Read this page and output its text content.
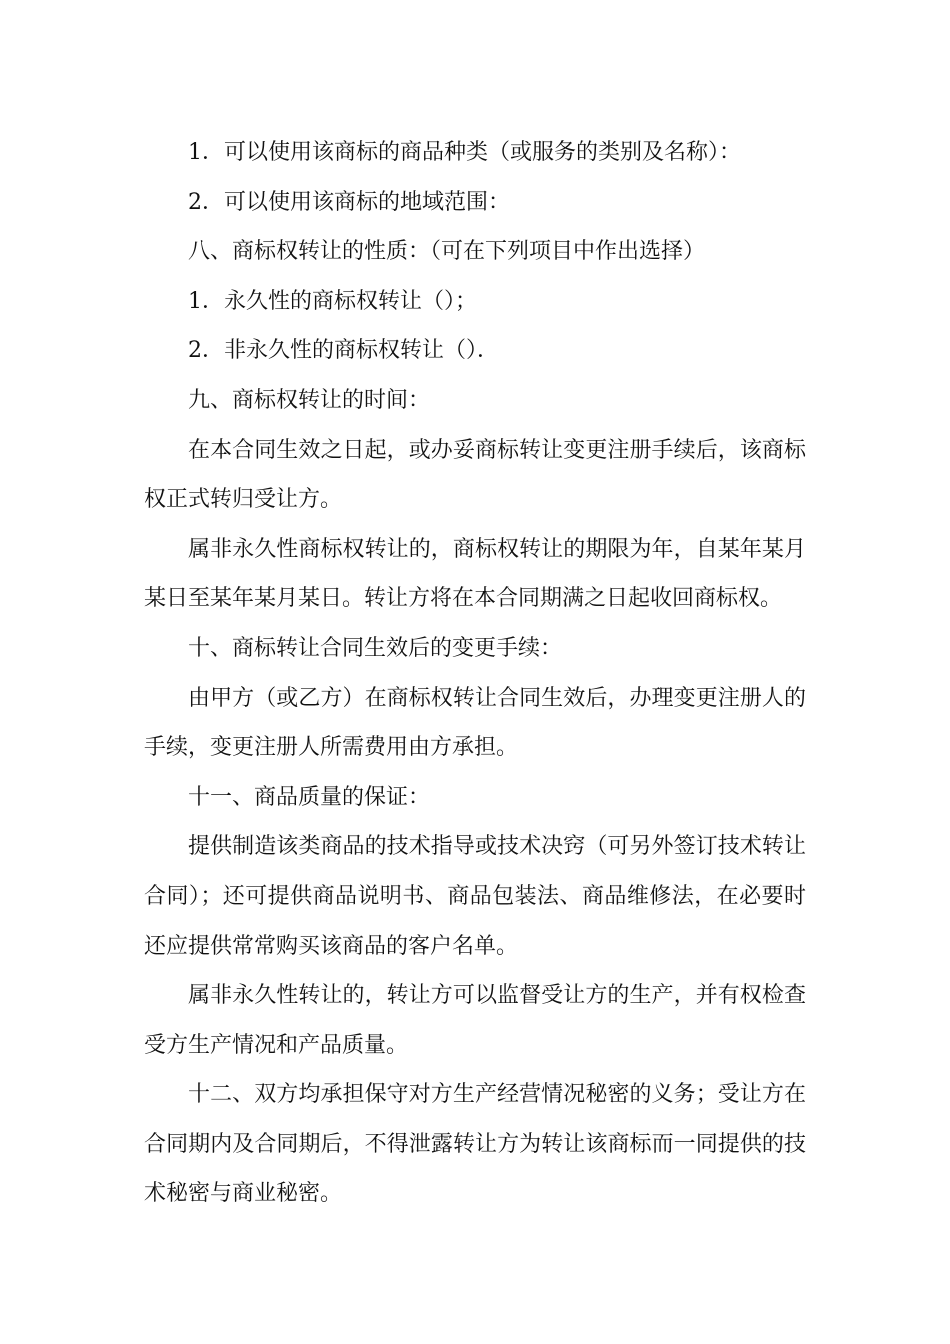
1．可以使用该商标的商品种类（或服务的类别及名称）：

2．可以使用该商标的地域范围：

八、商标权转让的性质：（可在下列项目中作出选择）

1．永久性的商标权转让（）；

2．非永久性的商标权转让（）．

九、商标权转让的时间：

在本合同生效之日起，或办妥商标转让变更注册手续后，该商标权正式转归受让方。

属非永久性商标权转让的，商标权转让的期限为年，自某年某月某日至某年某月某日。转让方将在本合同期满之日起收回商标权。

十、商标转让合同生效后的变更手续：

由甲方（或乙方）在商标权转让合同生效后，办理变更注册人的手续，变更注册人所需费用由方承担。

十一、商品质量的保证：

提供制造该类商品的技术指导或技术决窍（可另外签订技术转让合同）；还可提供商品说明书、商品包装法、商品维修法，在必要时还应提供常常购买该商品的客户名单。

属非永久性转让的，转让方可以监督受让方的生产，并有权检查受方生产情况和产品质量。

十二、双方均承担保守对方生产经营情况秘密的义务；受让方在合同期内及合同期后，不得泄露转让方为转让该商标而一同提供的技术秘密与商业秘密。
